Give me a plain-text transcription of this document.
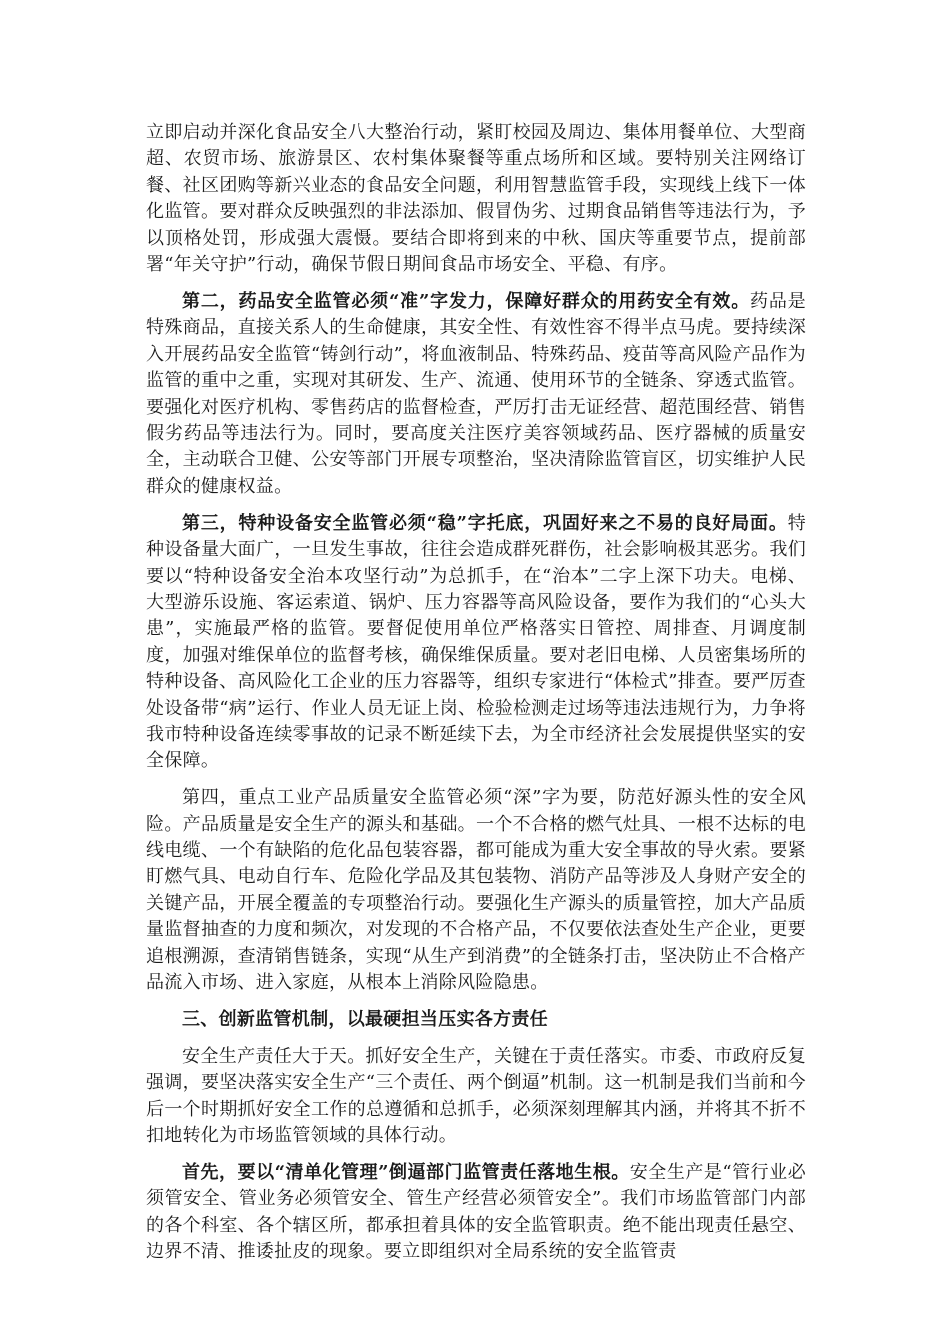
立即启动并深化食品安全八大整治行动，紧盯校园及周边、集体用餐单位、大型商超、农贸市场、旅游景区、农村集体聚餐等重点场所和区域。要特别关注网络订餐、社区团购等新兴业态的食品安全问题，利用智慧监管手段，实现线上线下一体化监管。要对群众反映强烈的非法添加、假冒伪劣、过期食品销售等违法行为，予以顶格处罚，形成强大震慑。要结合即将到来的中秋、国庆等重要节点，提前部署“年关守护”行动，确保节假日期间食品市场安全、平稳、有序。

第二，药品安全监管必须“准”字发力，保障好群众的用药安全有效。药品是特殊商品，直接关系人的生命健康，其安全性、有效性容不得半点马虎。要持续深入开展药品安全监管“铸剑行动”，将血液制品、特殊药品、疫苗等高风险产品作为监管的重中之重，实现对其研发、生产、流通、使用环节的全链条、穿透式监管。要强化对医疗机构、零售药店的监督检查，严厉打击无证经营、超范围经营、销售假劣药品等违法行为。同时，要高度关注医疗美容领域药品、医疗器械的质量安全，主动联合卫健、公安等部门开展专项整治，坚决清除监管盲区，切实维护人民群众的健康权益。

第三，特种设备安全监管必须“稳”字托底，巩固好来之不易的良好局面。特种设备量大面广，一旦发生事故，往往会造成群死群伤，社会影响极其恶劣。我们要以“特种设备安全治本攻坚行动”为总抓手，在“治本”二字上深下功夫。电梯、大型游乐设施、客运索道、锅炉、压力容器等高风险设备，要作为我们的“心头大患”，实施最严格的监管。要督促使用单位严格落实日管控、周排查、月调度制度，加强对维保单位的监督考核，确保维保质量。要对老旧电梯、人员密集场所的特种设备、高风险化工企业的压力容器等，组织专家进行“体检式”排查。要严厉查处设备带“病”运行、作业人员无证上岗、检验检测走过场等违法违规行为，力争将我市特种设备连续零事故的记录不断延续下去，为全市经济社会发展提供坚实的安全保障。

第四，重点工业产品质量安全监管必须“深”字为要，防范好源头性的安全风险。产品质量是安全生产的源头和基础。一个不合格的燃气灶具、一根不达标的电线电缆、一个有缺陷的危化品包装容器，都可能成为重大安全事故的导火索。要紧盯燃气具、电动自行车、危险化学品及其包装物、消防产品等涉及人身财产安全的关键产品，开展全覆盖的专项整治行动。要强化生产源头的质量管控，加大产品质量监督抽查的力度和频次，对发现的不合格产品，不仅要依法查处生产企业，更要追根溯源，查清销售链条，实现“从生产到消费”的全链条打击，坚决防止不合格产品流入市场、进入家庭，从根本上消除风险隐患。

三、创新监管机制，以最硬担当压实各方责任

安全生产责任大于天。抓好安全生产，关键在于责任落实。市委、市政府反复强调，要坚决落实安全生产“三个责任、两个倒逼”机制。这一机制是我们当前和今后一个时期抓好安全工作的总遵循和总抓手，必须深刻理解其内涵，并将其不折不扣地转化为市场监管领域的具体行动。

首先，要以“清单化管理”倒逼部门监管责任落地生根。安全生产是“管行业必须管安全、管业务必须管安全、管生产经营必须管安全”。我们市场监管部门内部的各个科室、各个辖区所，都承担着具体的安全监管职责。绝不能出现责任悬空、边界不清、推诿扯皮的现象。要立即组织对全局系统的安全监管责
